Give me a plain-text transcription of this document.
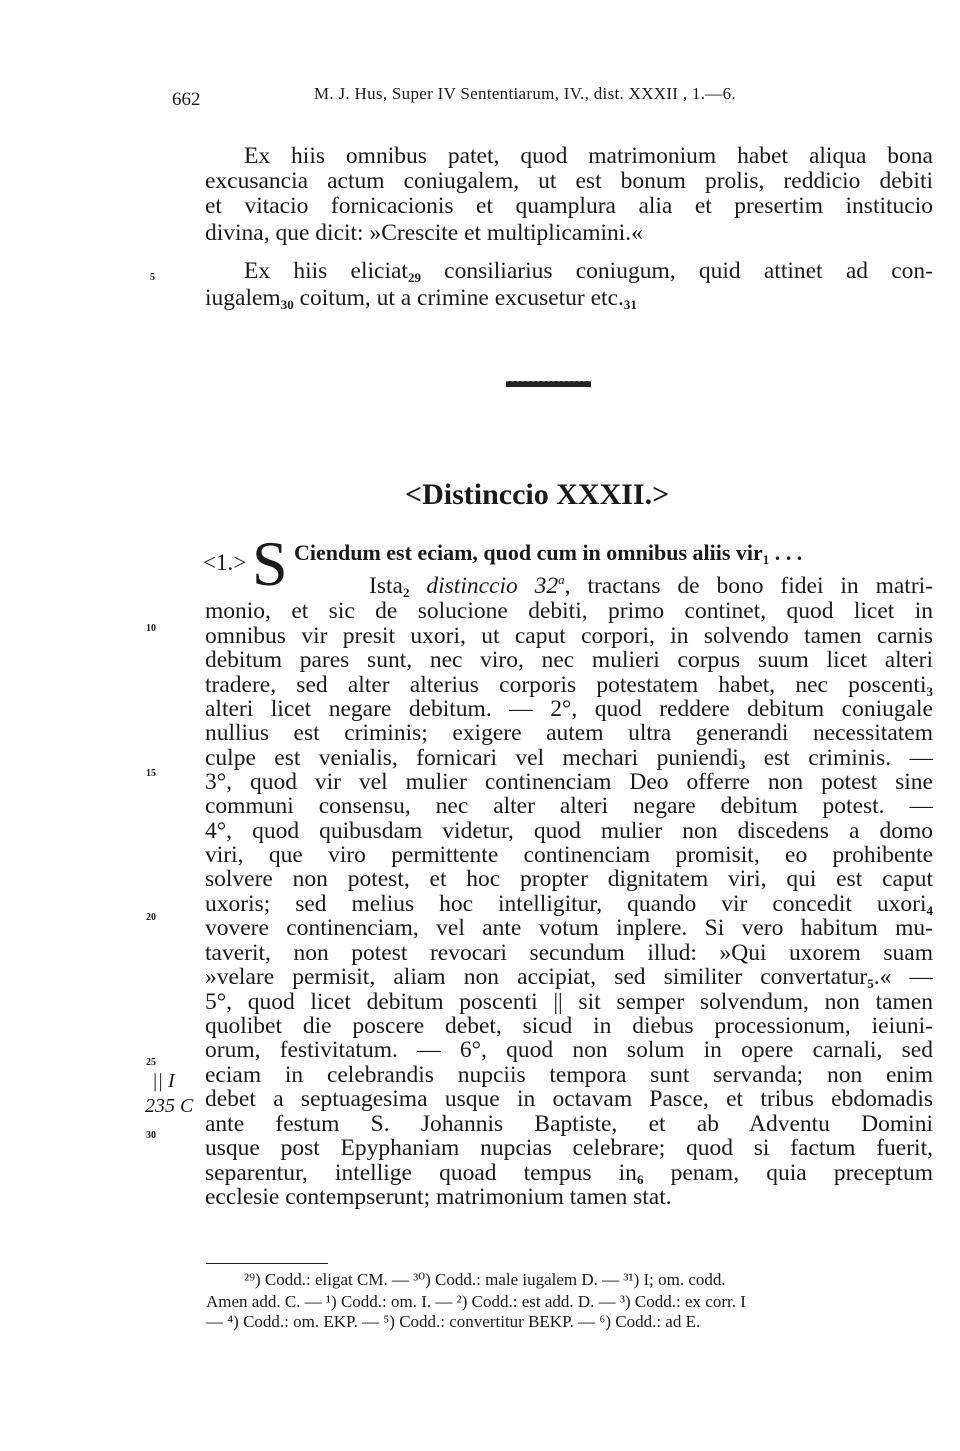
662	M. J. Hus, Super IV Sententiarum, IV., dist. XXXII , 1.—6.
Ex hiis omnibus patet, quod matrimonium habet aliqua bona
excusancia actum coniugalem, ut est bonum prolis, reddicio debiti
et vitacio fornicacionis et quamplura alia et presertim institucio
divina, que dicit: »Crescite et multiplicamini.«
Ex hiis eliciat$_{29}$ consiliarius coniugum, quid attinet ad con-
iugalem$_{30}$ coitum, ut a crimine excusetur $etc._{31}$
5
10
15
20
25
30
|| I
235 C
<Distinccio XXXII.>
<1.> S Ciendum est eciam, quod cum in omnibus aliis vir$_1$ . . .
Ista$_2$ distinccio 32$^a$, tractans de bono fidei in matri-
monio, et sic de solucione debiti, primo continet, quod licet in
omnibus vir presit uxori, ut caput corpori, in solvendo tamen carnis
debitum pares sunt, nec viro, nec mulieri corpus suum licet alteri
tradere, sed alter alterius corporis potestatem habet, nec poscenti$_3$
alteri licet negare debitum. — 2°, quod reddere debitum coniugale
nullius est criminis; exigere autem ultra generandi necessitatem
culpe est venialis, fornicari vel mechari puniendi$_3$ est criminis. —
3°, quod vir vel mulier continenciam Deo offerre non potest sine
communi consensu, nec alter alteri negare debitum potest. —
4°, quod quibusdam videtur, quod mulier non discedens a domo
viri, que viro permittente continenciam promisit, eo prohibente
solvere non potest, et hoc propter dignitatem viri, qui est caput
uxoris; sed melius hoc intelligitur, quando vir concedit uxori$_4$
vovere continenciam, vel ante votum inplere. Si vero habitum mu-
taverit, non potest revocari secundum illud: »Qui uxorem suam
»velare permisit, aliam non accipiat, sed similiter convertatur$_5$.« —
5°, quod licet debitum poscenti || sit semper solvendum, non tamen
quolibet die poscere debet, sicud in diebus processionum, ieiuni-
orum, festivitatum. — 6°, quod non solum in opere carnali, sed
eciam in celebrandis nupciis tempora sunt servanda; non enim
debet a septuagesima usque in octavam Pasce, et tribus ebdomadis
ante festum S. Johannis Baptiste, et ab Adventu Domini
usque post Epyphaniam nupcias celebrare; quod si factum fuerit,
separentur, intellige quoad tempus $in_6$ penam, quia preceptum
ecclesie contempserunt; matrimonium tamen stat.
²⁹) Codd.: eligat CM. — ³⁰) Codd.: male iugalem D. — ³¹) I; om. codd.
Amen add. C. — ¹) Codd.: om. I. — ²) Codd.: est add. D. — ³) Codd.: ex corr. I
— ⁴) Codd.: om. EKP. — ⁵) Codd.: convertitur BEKP. — ⁶) Codd.: ad E.
